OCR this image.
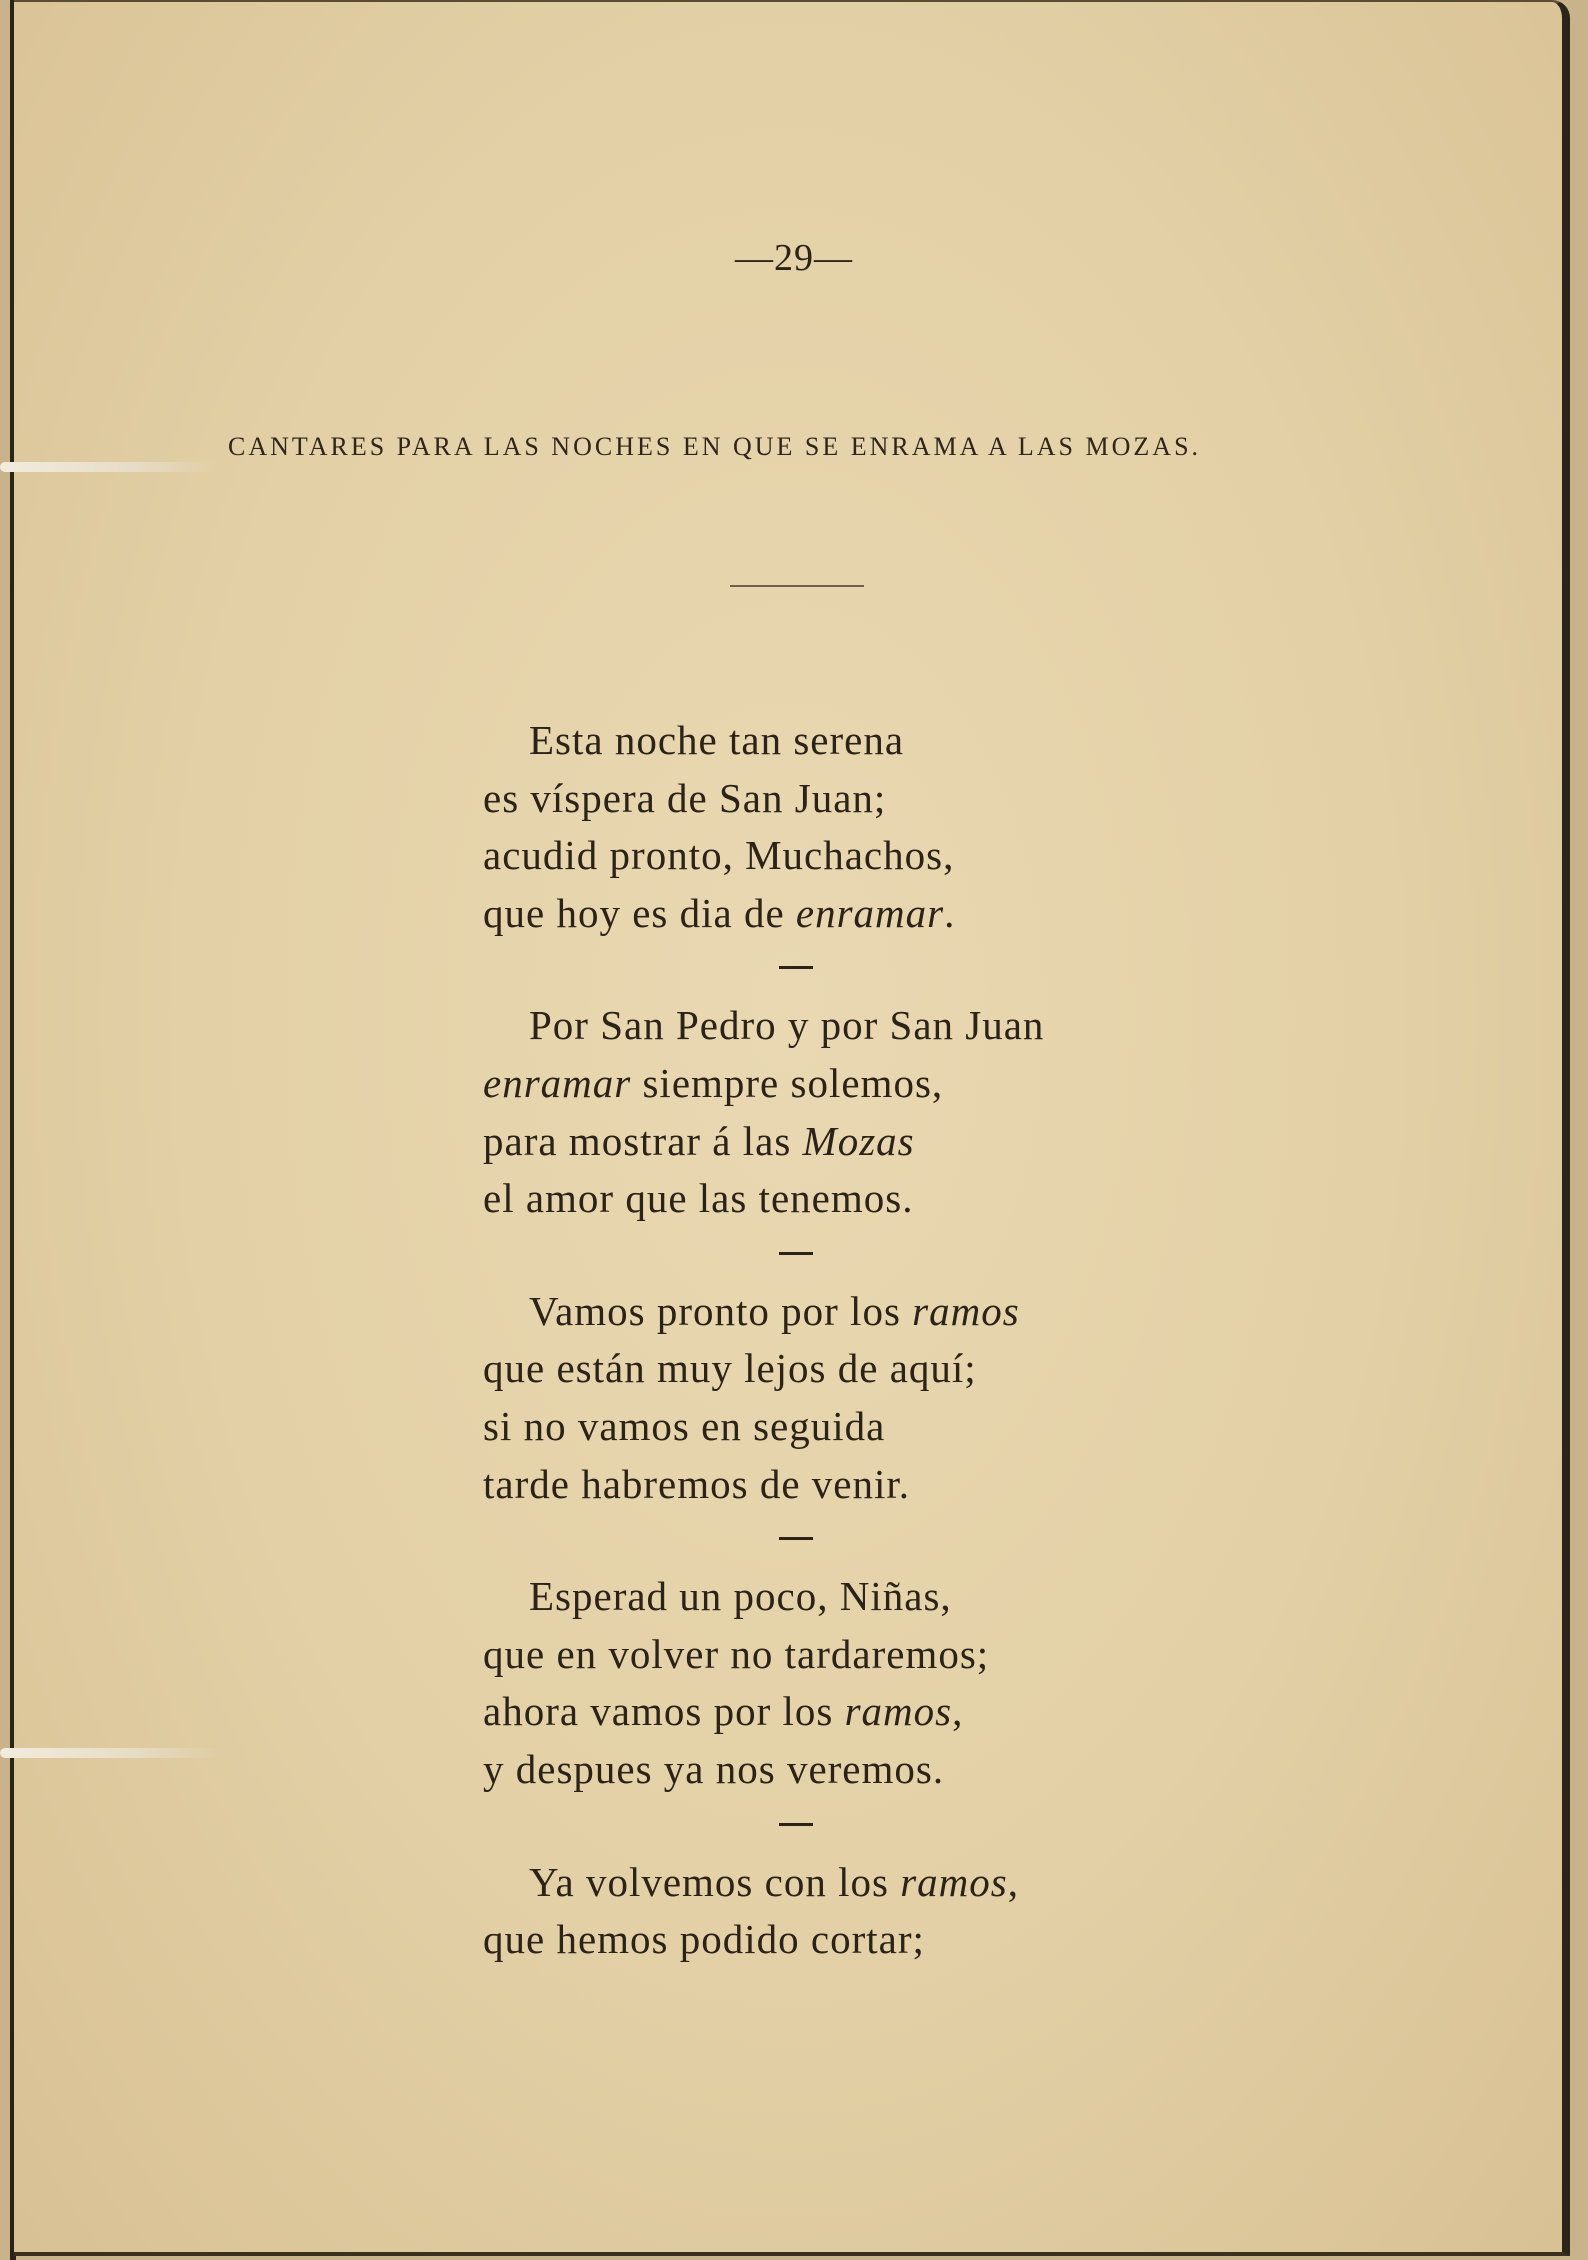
—29—
CANTARES PARA LAS NOCHES EN QUE SE ENRAMA A LAS MOZAS.
Esta noche tan serena
es víspera de San Juan;
acudid pronto, Muchachos,
que hoy es dia de enramar.
Por San Pedro y por San Juan
enramar siempre solemos,
para mostrar á las Mozas
el amor que las tenemos.
Vamos pronto por los ramos
que están muy lejos de aquí;
si no vamos en seguida
tarde habremos de venir.
Esperad un poco, Niñas,
que en volver no tardaremos;
ahora vamos por los ramos,
y despues ya nos veremos.
Ya volvemos con los ramos,
que hemos podido cortar;
